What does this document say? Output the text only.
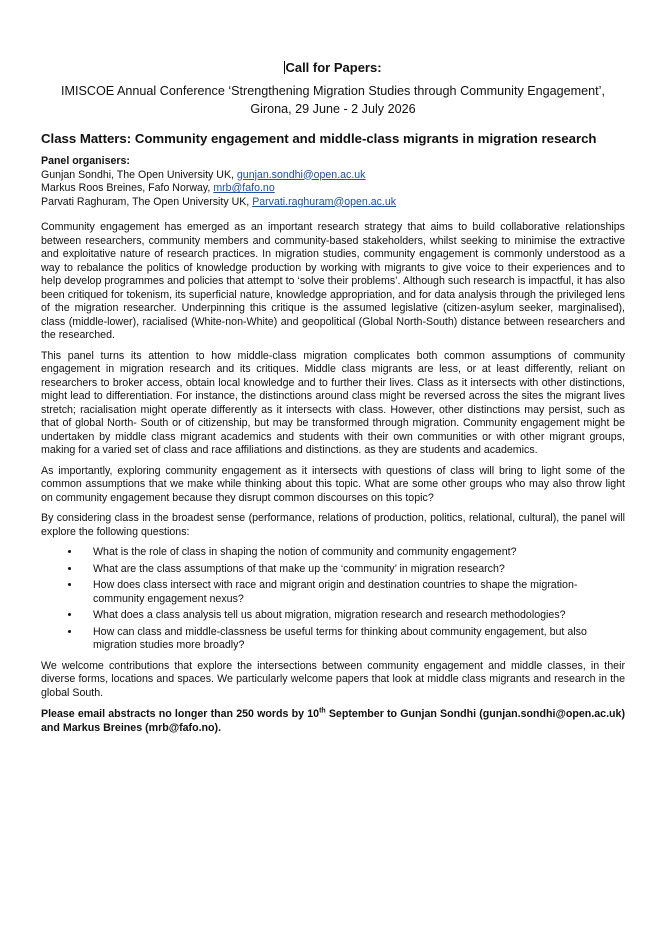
Call for Papers:
IMISCOE Annual Conference ‘Strengthening Migration Studies through Community Engagement’,
Girona, 29 June - 2 July 2026
Class Matters: Community engagement and middle-class migrants in migration research
Panel organisers:
Gunjan Sondhi, The Open University UK, gunjan.sondhi@open.ac.uk
Markus Roos Breines, Fafo Norway, mrb@fafo.no
Parvati Raghuram, The Open University UK, Parvati.raghuram@open.ac.uk

Community engagement has emerged as an important research strategy that aims to build collaborative relationships between researchers, community members and community-based stakeholders, whilst seeking to minimise the extractive and exploitative nature of research practices. In migration studies, community engagement is commonly understood as a way to rebalance the politics of knowledge production by working with migrants to give voice to their experiences and to help develop programmes and policies that attempt to ‘solve their problems’. Although such research is impactful, it has also been critiqued for tokenism, its superficial nature, knowledge appropriation, and for data analysis through the privileged lens of the migration researcher. Underpinning this critique is the assumed legislative (citizen-asylum seeker, marginalised), class (middle-lower), racialised (White-non-White) and geopolitical (Global North-South) distance between researchers and the researched.

This panel turns its attention to how middle-class migration complicates both common assumptions of community engagement in migration research and its critiques. Middle class migrants are less, or at least differently, reliant on researchers to broker access, obtain local knowledge and to further their lives. Class as it intersects with other distinctions, might lead to differentiation. For instance, the distinctions around class might be reversed across the sites the migrant lives stretch; racialisation might operate differently as it intersects with class. However, other distinctions may persist, such as that of global North- South or of citizenship, but may be transformed through migration. Community engagement might be undertaken by middle class migrant academics and students with their own communities or with other migrant groups, making for a varied set of class and race affiliations and distinctions. as they are students and academics.

As importantly, exploring community engagement as it intersects with questions of class will bring to light some of the common assumptions that we make while thinking about this topic. What are some other groups who may also throw light on community engagement because they disrupt common discourses on this topic?

By considering class in the broadest sense (performance, relations of production, politics, relational, cultural), the panel will explore the following questions:

• What is the role of class in shaping the notion of community and community engagement?
• What are the class assumptions of that make up the ‘community’ in migration research?
• How does class intersect with race and migrant origin and destination countries to shape the migration-community engagement nexus?
• What does a class analysis tell us about migration, migration research and research methodologies?
• How can class and middle-classness be useful terms for thinking about community engagement, but also migration studies more broadly?

We welcome contributions that explore the intersections between community engagement and middle classes, in their diverse forms, locations and spaces. We particularly welcome papers that look at middle class migrants and research in the global South.

Please email abstracts no longer than 250 words by 10th September to Gunjan Sondhi (gunjan.sondhi@open.ac.uk) and Markus Breines (mrb@fafo.no).
